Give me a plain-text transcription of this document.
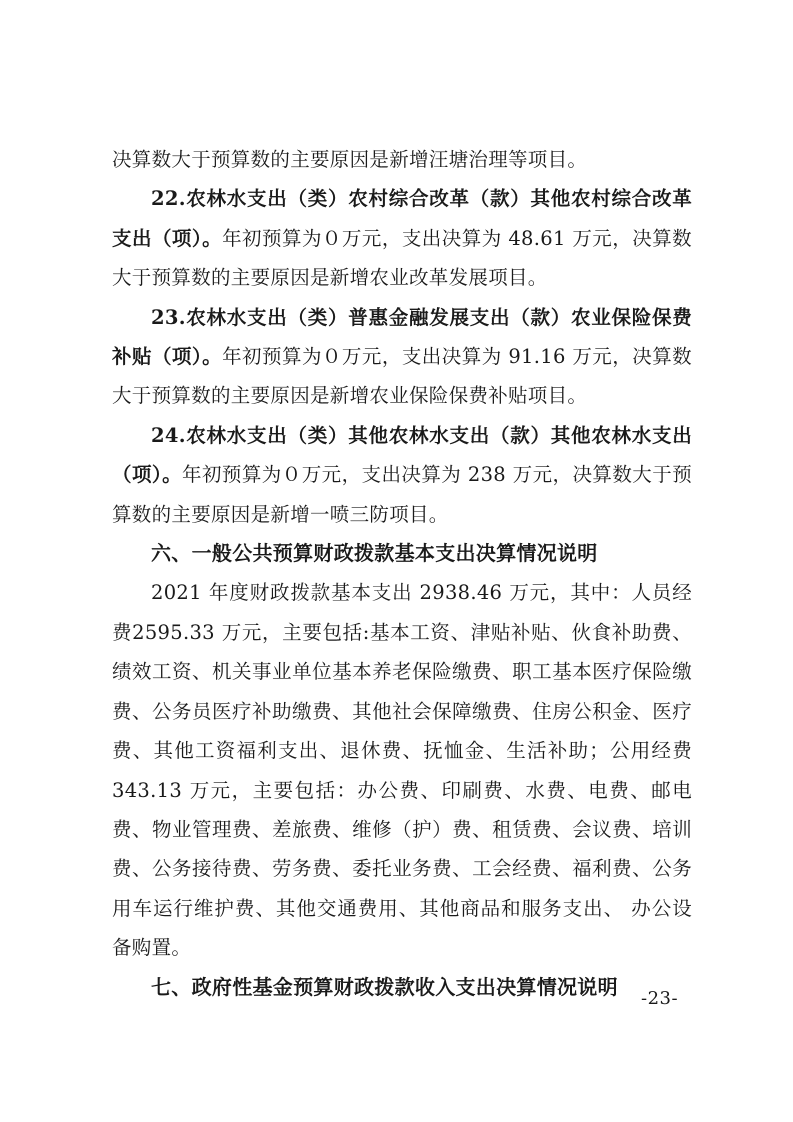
决算数大于预算数的主要原因是新增汪塘治理等项目。

22.农林水支出（类）农村综合改革（款）其他农村综合改革支出（项）。年初预算为０万元，支出决算为 48.61 万元，决算数大于预算数的主要原因是新增农业改革发展项目。

23.农林水支出（类）普惠金融发展支出（款）农业保险保费补贴（项）。年初预算为０万元，支出决算为 91.16 万元，决算数大于预算数的主要原因是新增农业保险保费补贴项目。

24.农林水支出（类）其他农林水支出（款）其他农林水支出（项）。年初预算为０万元，支出决算为 238 万元，决算数大于预算数的主要原因是新增一喷三防项目。

六、一般公共预算财政拨款基本支出决算情况说明

2021 年度财政拨款基本支出 2938.46 万元，其中：人员经费2595.33 万元，主要包括:基本工资、津贴补贴、伙食补助费、绩效工资、机关事业单位基本养老保险缴费、职工基本医疗保险缴费、公务员医疗补助缴费、其他社会保障缴费、住房公积金、医疗费、其他工资福利支出、退休费、抚恤金、生活补助；公用经费 343.13 万元，主要包括：办公费、印刷费、水费、电费、邮电费、物业管理费、差旅费、维修（护）费、租赁费、会议费、培训费、公务接待费、劳务费、委托业务费、工会经费、福利费、公务用车运行维护费、其他交通费用、其他商品和服务支出、 办公设备购置。

七、政府性基金预算财政拨款收入支出决算情况说明	-23-
